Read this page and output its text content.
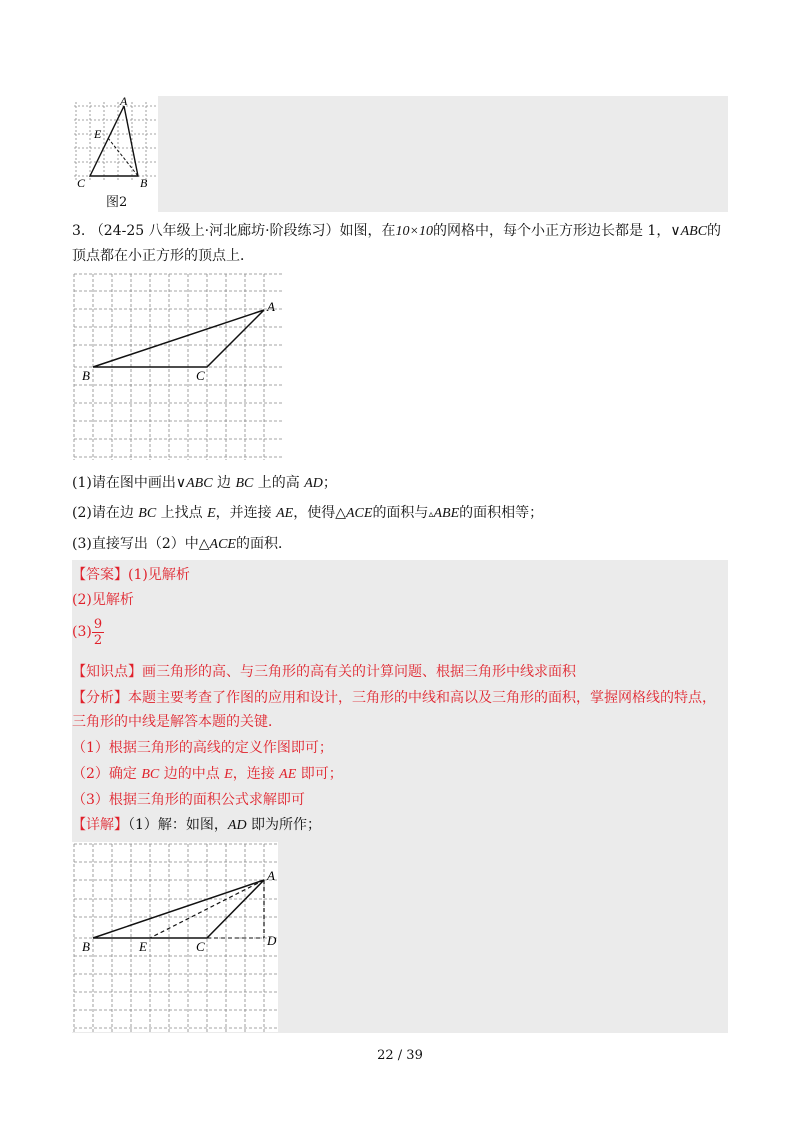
A
E
C	B
图2
3. （24-25 八年级上·河北廊坊·阶段练习）如图，在10×10的网格中，每个小正方形边长都是 1，∨ABC的
顶点都在小正方形的顶点上．
A
B	C
(1)请在图中画出∨ABC 边 BC 上的高 AD；
(2)请在边 BC 上找点 E，并连接 AE，使得△ACE的面积与▵ABE的面积相等；
(3)直接写出（2）中△ACE的面积．
【答案】(1)见解析
(2)见解析
$(3) \frac{9}{2}$
【知识点】画三角形的高、与三角形的高有关的计算问题、根据三角形中线求面积
【分析】本题主要考查了作图的应用和设计，三角形的中线和高以及三角形的面积，掌握网格线的特点，
三角形的中线是解答本题的关键．
（1）根据三角形的高线的定义作图即可；
（2）确定 BC 边的中点 E，连接 AE 即可；
（3）根据三角形的面积公式求解即可
【详解】（1）解：如图，AD 即为所作；
A
B	E	C	D
22 / 39
